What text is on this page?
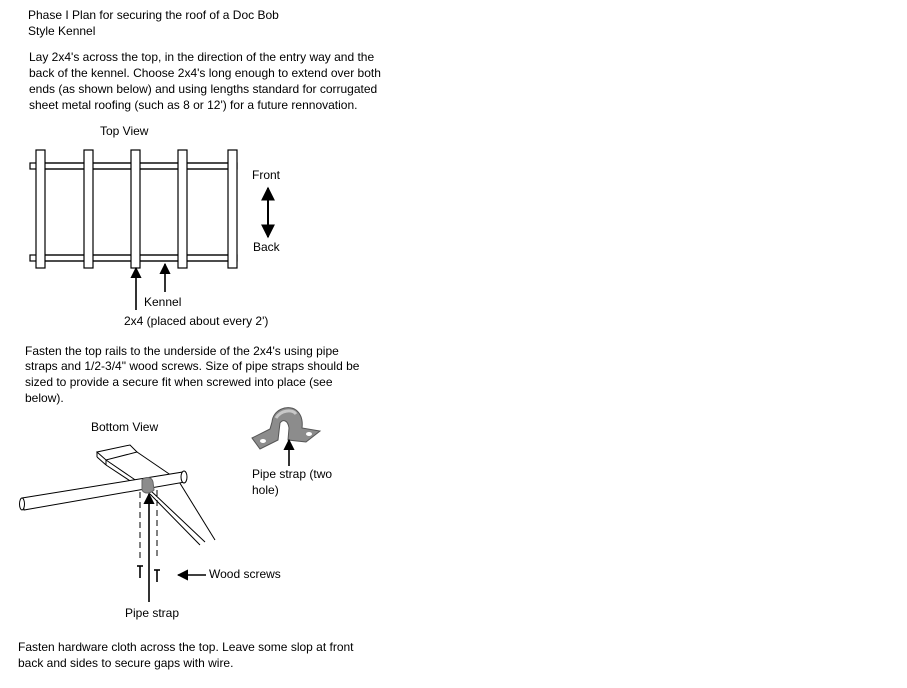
Phase I Plan for securing the roof of a Doc Bob
Style Kennel
Lay 2x4's across the top, in the direction of the entry way and the
back of the kennel. Choose 2x4's long enough to extend over both
ends (as shown below) and using lengths standard for corrugated
sheet metal roofing (such as 8 or 12') for a future rennovation.
Top View
Front
Back
Kennel
2x4 (placed about every 2')
Fasten the top rails to the underside of the 2x4's using pipe
straps and 1/2-3/4" wood screws. Size of pipe straps should be
sized to provide a secure fit when screwed into place (see
below).
Bottom View
Pipe strap (two
hole)
Wood screws
Pipe strap
Fasten hardware cloth across the top. Leave some slop at front
back and sides to secure gaps with wire.
